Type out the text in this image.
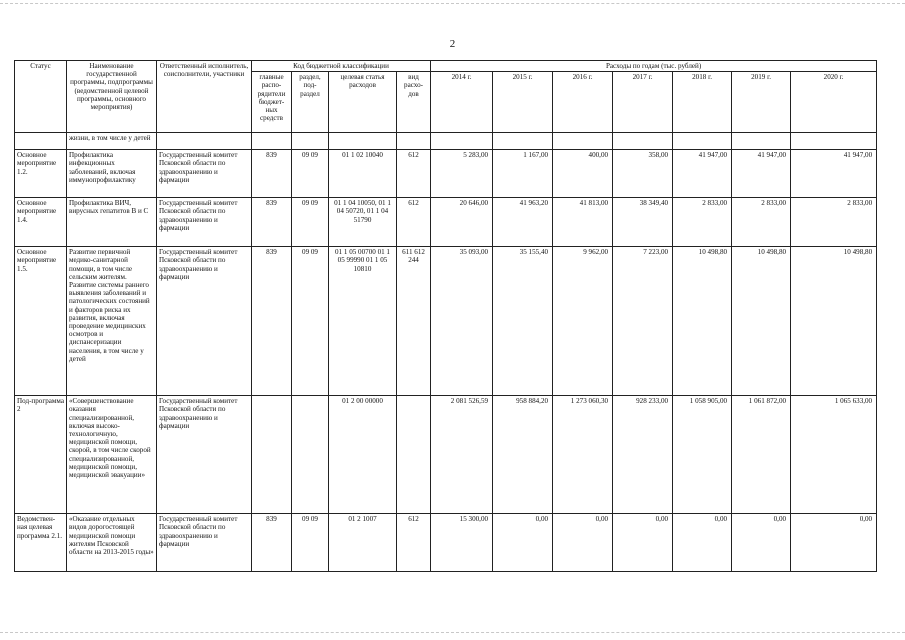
2
Статус	Наименование государственной программы, подпрограммы (ведомственной целевой программы, основного мероприятия)	Ответственный исполнитель, соисполнители, участники	Код бюджетной классификации				Расходы по годам (тыс. рублей)						
			главные распо-рядители бюджет-ных средств	раздел, под-раздел	целевая статья расходов	вид расхо-дов	2014 г.	2015 г.	2016 г.	2017 г.	2018 г.	2019 г.	2020 г.
	жизни, в том числе у детей												
Основное мероприятие 1.2.	Профилактика инфекционных заболеваний, включая иммунопрофилактику	Государственный комитет Псковской области по здравоохранению и фармации	839	09 09	01 1 02 10040	612	5 283,00	1 167,00	400,00	358,00	41 947,00	41 947,00	41 947,00
Основное мероприятие 1.4.	Профилактика ВИЧ, вирусных гепатитов В и С	Государственный комитет Псковской области по здравоохранению и фармации	839	09 09	01 1 04 10050, 01 1 04 50720, 01 1 04 51790	612	20 646,00	41 963,20	41 813,00	38 349,40	2 833,00	2 833,00	2 833,00
Основное мероприятие 1.5.	Развитие первичной медико-санитарной помощи, в том числе сельским жителям. Развитие системы раннего выявления заболеваний и патологических состояний и факторов риска их развития, включая проведение медицинских осмотров и диспансеризации населения, в том числе у детей	Государственный комитет Псковской области по здравоохранению и фармации	839	09 09	01 1 05 00700 01 1 05 99990 01 1 05 10810	611 612 244	35 093,00	35 155,40	9 962,00	7 223,00	10 498,80	10 498,80	10 498,80
Под-программа 2	«Совершенствование оказания специализированной, включая высоко-технологичную, медицинской помощи, скорой, в том числе скорой специализированной, медицинской помощи, медицинской эвакуации»	Государственный комитет Псковской области по здравоохранению и фармации			01 2 00 00000		2 081 526,59	958 884,20	1 273 060,30	928 233,00	1 058 905,00	1 061 872,00	1 065 633,00
Ведомствен-ная целевая программа 2.1.	«Оказание отдельных видов дорогостоящей медицинской помощи жителям Псковской области на 2013-2015 годы»	Государственный комитет Псковской области по здравоохранению и фармации	839	09 09	01 2 1007	612	15 300,00	0,00	0,00	0,00	0,00	0,00	0,00
